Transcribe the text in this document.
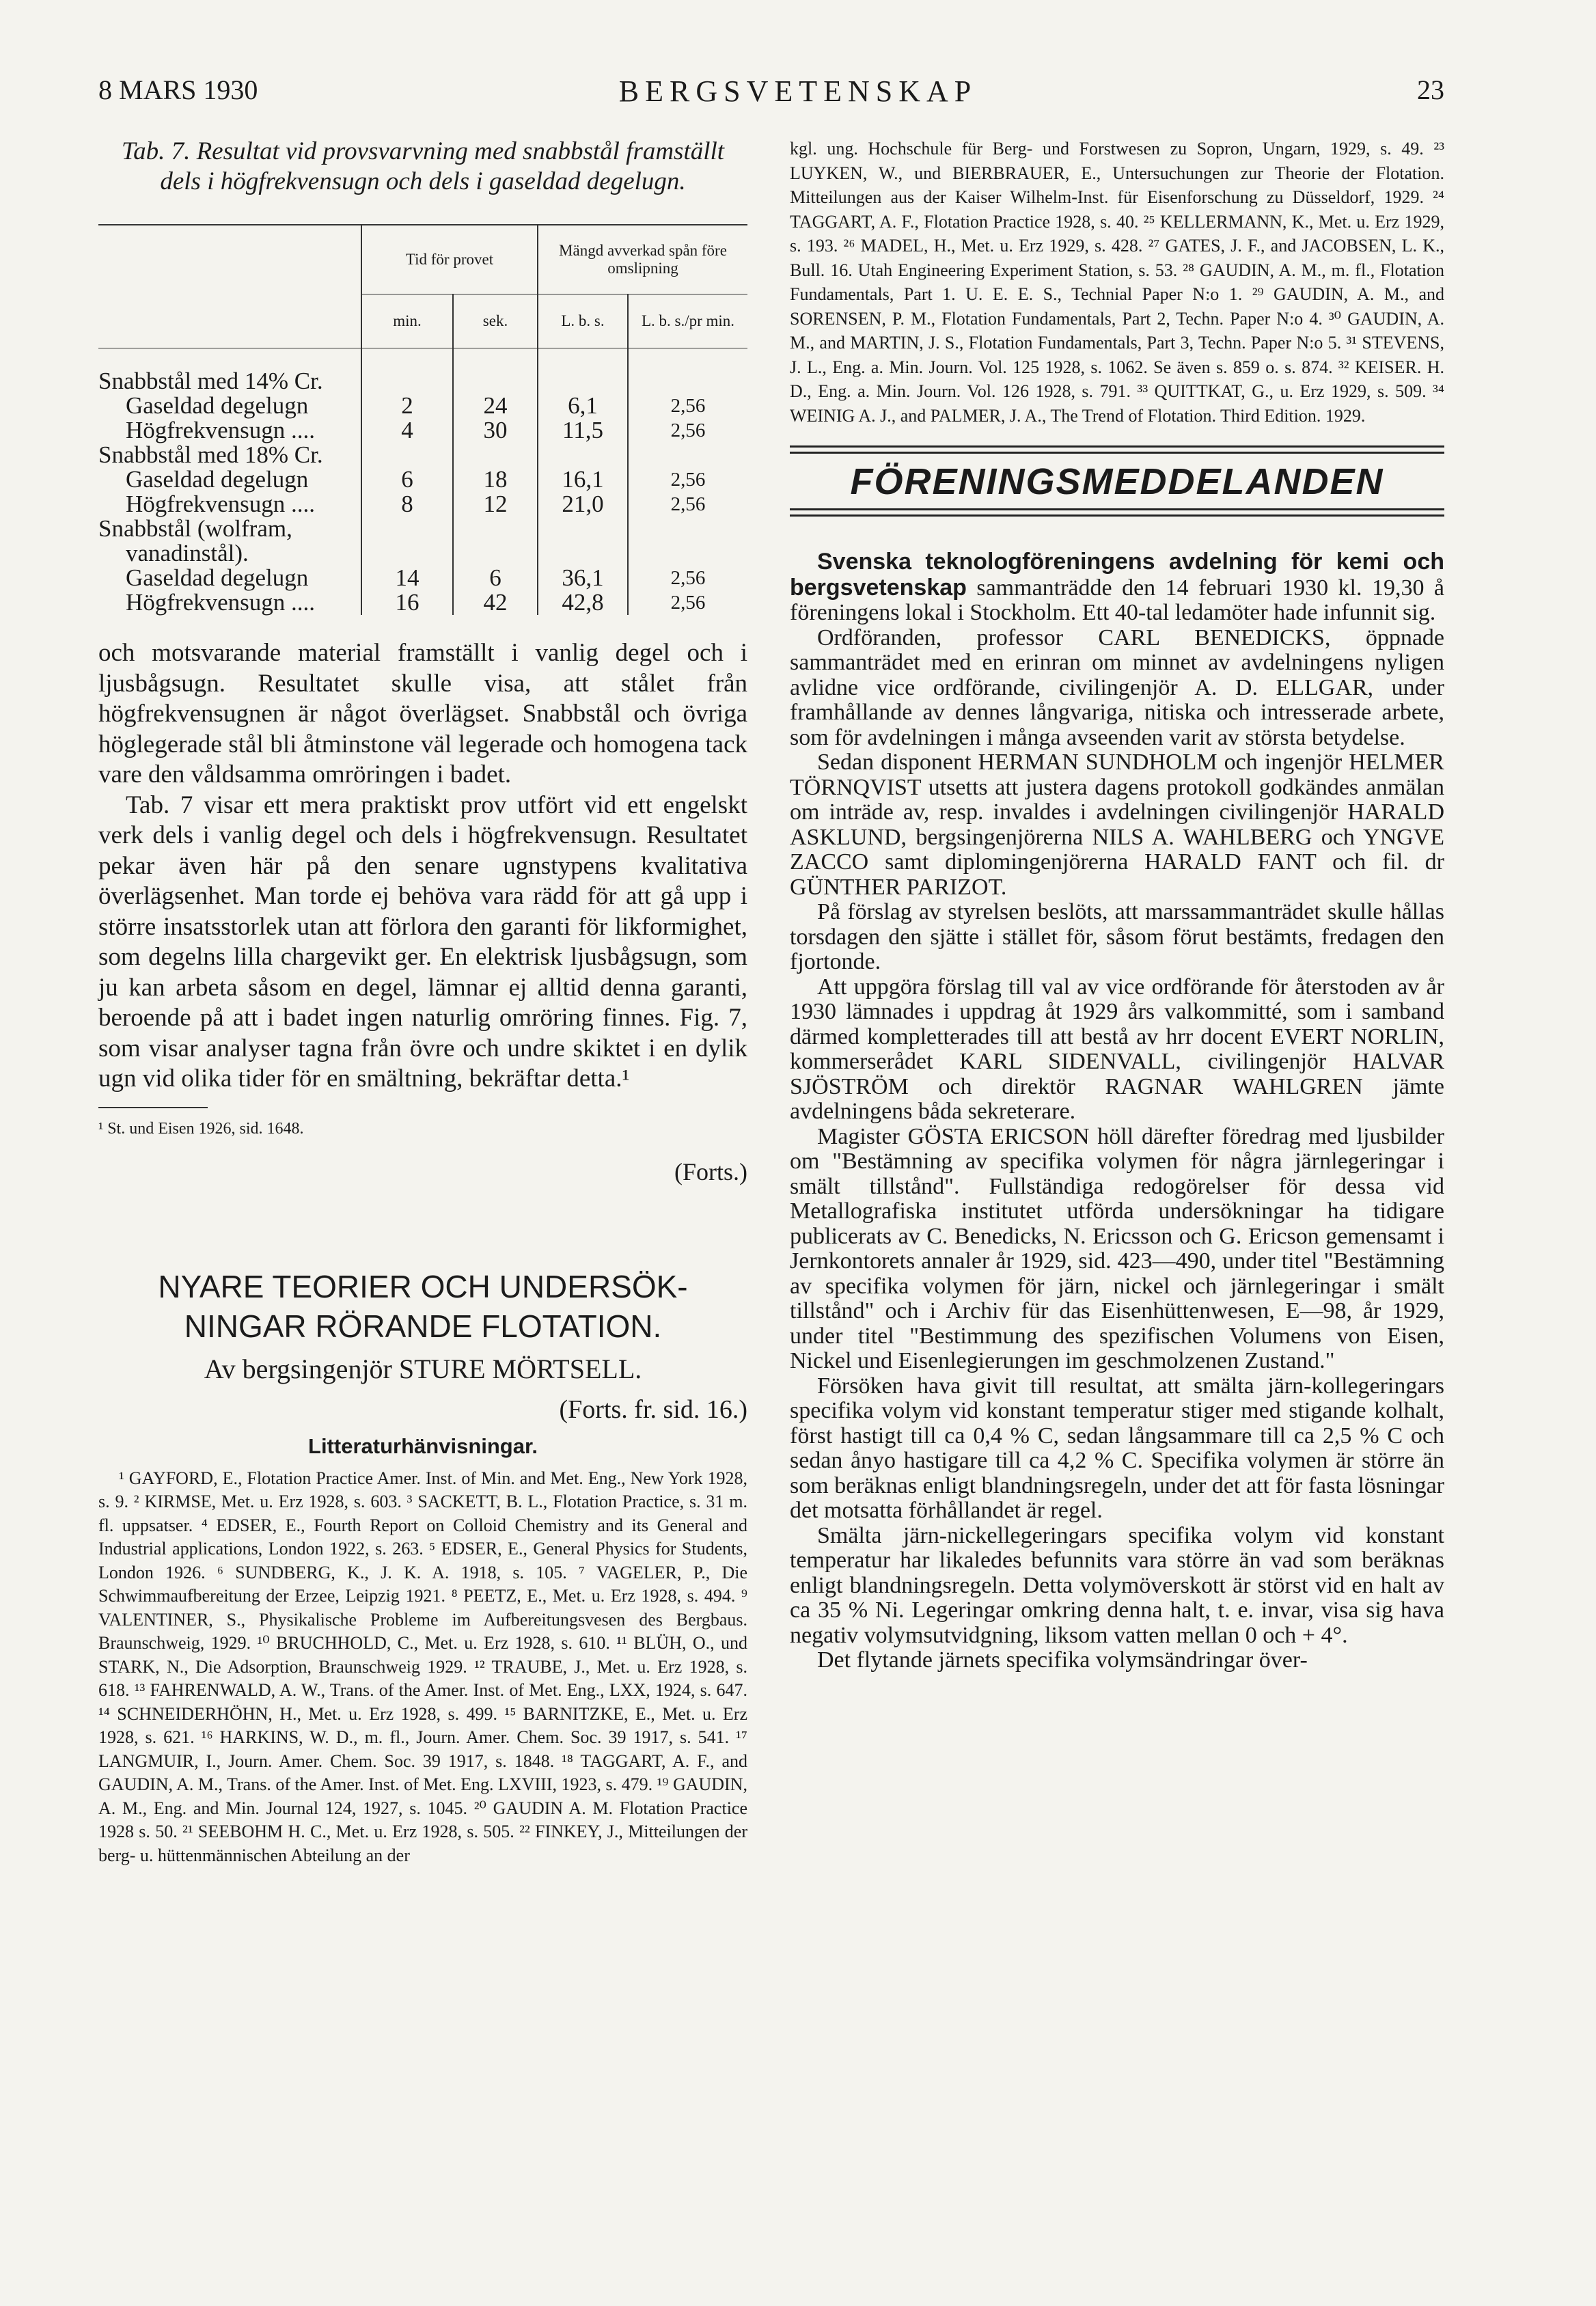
8 MARS 1930	BERGSVETENSKAP	23

Tab. 7. Resultat vid provsvarvning med snabbstål framställt dels i högfrekvensugn och dels i gaseldad degelugn.

	Tid för provet		Mängd avverkad spån före omslipning	
	min.	sek.	L. b. s.	L. b. s./pr min.

Snabbstål med 14% Cr.				
Gaseldad degelugn	2	24	6,1	2,56
Högfrekvensugn ....	4	30	11,5	2,56
Snabbstål med 18% Cr.				
Gaseldad degelugn	6	18	16,1	2,56
Högfrekvensugn ....	8	12	21,0	2,56
Snabbstål (wolfram,				
vanadinstål).				
Gaseldad degelugn	14	6	36,1	2,56
Högfrekvensugn ....	16	42	42,8	2,56

och motsvarande material framställt i vanlig degel och i ljusbågsugn. Resultatet skulle visa, att stålet från högfrekvensugnen är något överlägset. Snabbstål och övriga höglegerade stål bli åtminstone väl legerade och homogena tack vare den våldsamma omröringen i badet.

Tab. 7 visar ett mera praktiskt prov utfört vid ett engelskt verk dels i vanlig degel och dels i högfrekvensugn. Resultatet pekar även här på den senare ugnstypens kvalitativa överlägsenhet. Man torde ej behöva vara rädd för att gå upp i större insatsstorlek utan att förlora den garanti för likformighet, som degelns lilla chargevikt ger. En elektrisk ljusbågsugn, som ju kan arbeta såsom en degel, lämnar ej alltid denna garanti, beroende på att i badet ingen naturlig omröring finnes. Fig. 7, som visar analyser tagna från övre och undre skiktet i en dylik ugn vid olika tider för en smältning, bekräftar detta.¹

¹ St. und Eisen 1926, sid. 1648.

(Forts.)

NYARE TEORIER OCH UNDERSÖK-
NINGAR RÖRANDE FLOTATION.

Av bergsingenjör STURE MÖRTSELL.

(Forts. fr. sid. 16.)

Litteraturhänvisningar.

¹ GAYFORD, E., Flotation Practice Amer. Inst. of Min. and Met. Eng., New York 1928, s. 9. ² KIRMSE, Met. u. Erz 1928, s. 603. ³ SACKETT, B. L., Flotation Practice, s. 31 m. fl. uppsatser. ⁴ EDSER, E., Fourth Report on Colloid Chemistry and its General and Industrial applications, London 1922, s. 263. ⁵ EDSER, E., General Physics for Students, London 1926. ⁶ SUNDBERG, K., J. K. A. 1918, s. 105. ⁷ VAGELER, P., Die Schwimmaufbereitung der Erzee, Leipzig 1921. ⁸ PEETZ, E., Met. u. Erz 1928, s. 494. ⁹ VALENTINER, S., Physikalische Probleme im Aufbereitungsvesen des Bergbaus. Braunschweig, 1929. ¹⁰ BRUCHHOLD, C., Met. u. Erz 1928, s. 610. ¹¹ BLÜH, O., und STARK, N., Die Adsorption, Braunschweig 1929. ¹² TRAUBE, J., Met. u. Erz 1928, s. 618. ¹³ FAHRENWALD, A. W., Trans. of the Amer. Inst. of Met. Eng., LXX, 1924, s. 647. ¹⁴ SCHNEIDERHÖHN, H., Met. u. Erz 1928, s. 499. ¹⁵ BARNITZKE, E., Met. u. Erz 1928, s. 621. ¹⁶ HARKINS, W. D., m. fl., Journ. Amer. Chem. Soc. 39 1917, s. 541. ¹⁷ LANGMUIR, I., Journ. Amer. Chem. Soc. 39 1917, s. 1848. ¹⁸ TAGGART, A. F., and GAUDIN, A. M., Trans. of the Amer. Inst. of Met. Eng. LXVIII, 1923, s. 479. ¹⁹ GAUDIN, A. M., Eng. and Min. Journal 124, 1927, s. 1045. ²⁰ GAUDIN A. M. Flotation Practice 1928 s. 50. ²¹ SEEBOHM H. C., Met. u. Erz 1928, s. 505. ²² FINKEY, J., Mitteilungen der berg- u. hüttenmännischen Abteilung an der

kgl. ung. Hochschule für Berg- und Forstwesen zu Sopron, Ungarn, 1929, s. 49. ²³ LUYKEN, W., und BIERBRAUER, E., Untersuchungen zur Theorie der Flotation. Mitteilungen aus der Kaiser Wilhelm-Inst. für Eisenforschung zu Düsseldorf, 1929. ²⁴ TAGGART, A. F., Flotation Practice 1928, s. 40. ²⁵ KELLERMANN, K., Met. u. Erz 1929, s. 193. ²⁶ MADEL, H., Met. u. Erz 1929, s. 428. ²⁷ GATES, J. F., and JACOBSEN, L. K., Bull. 16. Utah Engineering Experiment Station, s. 53. ²⁸ GAUDIN, A. M., m. fl., Flotation Fundamentals, Part 1. U. E. E. S., Technial Paper N:o 1. ²⁹ GAUDIN, A. M., and SORENSEN, P. M., Flotation Fundamentals, Part 2, Techn. Paper N:o 4. ³⁰ GAUDIN, A. M., and MARTIN, J. S., Flotation Fundamentals, Part 3, Techn. Paper N:o 5. ³¹ STEVENS, J. L., Eng. a. Min. Journ. Vol. 125 1928, s. 1062. Se även s. 859 o. s. 874. ³² KEISER. H. D., Eng. a. Min. Journ. Vol. 126 1928, s. 791. ³³ QUITTKAT, G., u. Erz 1929, s. 509. ³⁴ WEINIG A. J., and PALMER, J. A., The Trend of Flotation. Third Edition. 1929.

FÖRENINGSMEDDELANDEN

Svenska teknologföreningens avdelning för kemi och bergsvetenskap sammanträdde den 14 februari 1930 kl. 19,30 å föreningens lokal i Stockholm. Ett 40-tal ledamöter hade infunnit sig.

Ordföranden, professor CARL BENEDICKS, öppnade sammanträdet med en erinran om minnet av avdelningens nyligen avlidne vice ordförande, civilingenjör A. D. ELLGAR, under framhållande av dennes långvariga, nitiska och intresserade arbete, som för avdelningen i många avseenden varit av största betydelse.

Sedan disponent HERMAN SUNDHOLM och ingenjör HELMER TÖRNQVIST utsetts att justera dagens protokoll godkändes anmälan om inträde av, resp. invaldes i avdelningen civilingenjör HARALD ASKLUND, bergsingenjörerna NILS A. WAHLBERG och YNGVE ZACCO samt diplomingenjörerna HARALD FANT och fil. dr GÜNTHER PARIZOT.

På förslag av styrelsen beslöts, att marssammanträdet skulle hållas torsdagen den sjätte i stället för, såsom förut bestämts, fredagen den fjortonde.

Att uppgöra förslag till val av vice ordförande för återstoden av år 1930 lämnades i uppdrag åt 1929 års valkommitté, som i samband därmed kompletterades till att bestå av hrr docent EVERT NORLIN, kommerserådet KARL SIDENVALL, civilingenjör HALVAR SJÖSTRÖM och direktör RAGNAR WAHLGREN jämte avdelningens båda sekreterare.

Magister GÖSTA ERICSON höll därefter föredrag med ljusbilder om "Bestämning av specifika volymen för några järnlegeringar i smält tillstånd". Fullständiga redogörelser för dessa vid Metallografiska institutet utförda undersökningar ha tidigare publicerats av C. Benedicks, N. Ericsson och G. Ericson gemensamt i Jernkontorets annaler år 1929, sid. 423—490, under titel "Bestämning av specifika volymen för järn, nickel och järnlegeringar i smält tillstånd" och i Archiv für das Eisenhüttenwesen, E—98, år 1929, under titel "Bestimmung des spezifischen Volumens von Eisen, Nickel und Eisenlegierungen im geschmolzenen Zustand."

Försöken hava givit till resultat, att smälta järn-kollegeringars specifika volym vid konstant temperatur stiger med stigande kolhalt, först hastigt till ca 0,4 % C, sedan långsammare till ca 2,5 % C och sedan ånyo hastigare till ca 4,2 % C. Specifika volymen är större än som beräknas enligt blandningsregeln, under det att för fasta lösningar det motsatta förhållandet är regel.

Smälta järn-nickellegeringars specifika volym vid konstant temperatur har likaledes befunnits vara större än vad som beräknas enligt blandningsregeln. Detta volymöverskott är störst vid en halt av ca 35 % Ni. Legeringar omkring denna halt, t. e. invar, visa sig hava negativ volymsutvidgning, liksom vatten mellan 0 och + 4°.

Det flytande järnets specifika volymsändringar över-
